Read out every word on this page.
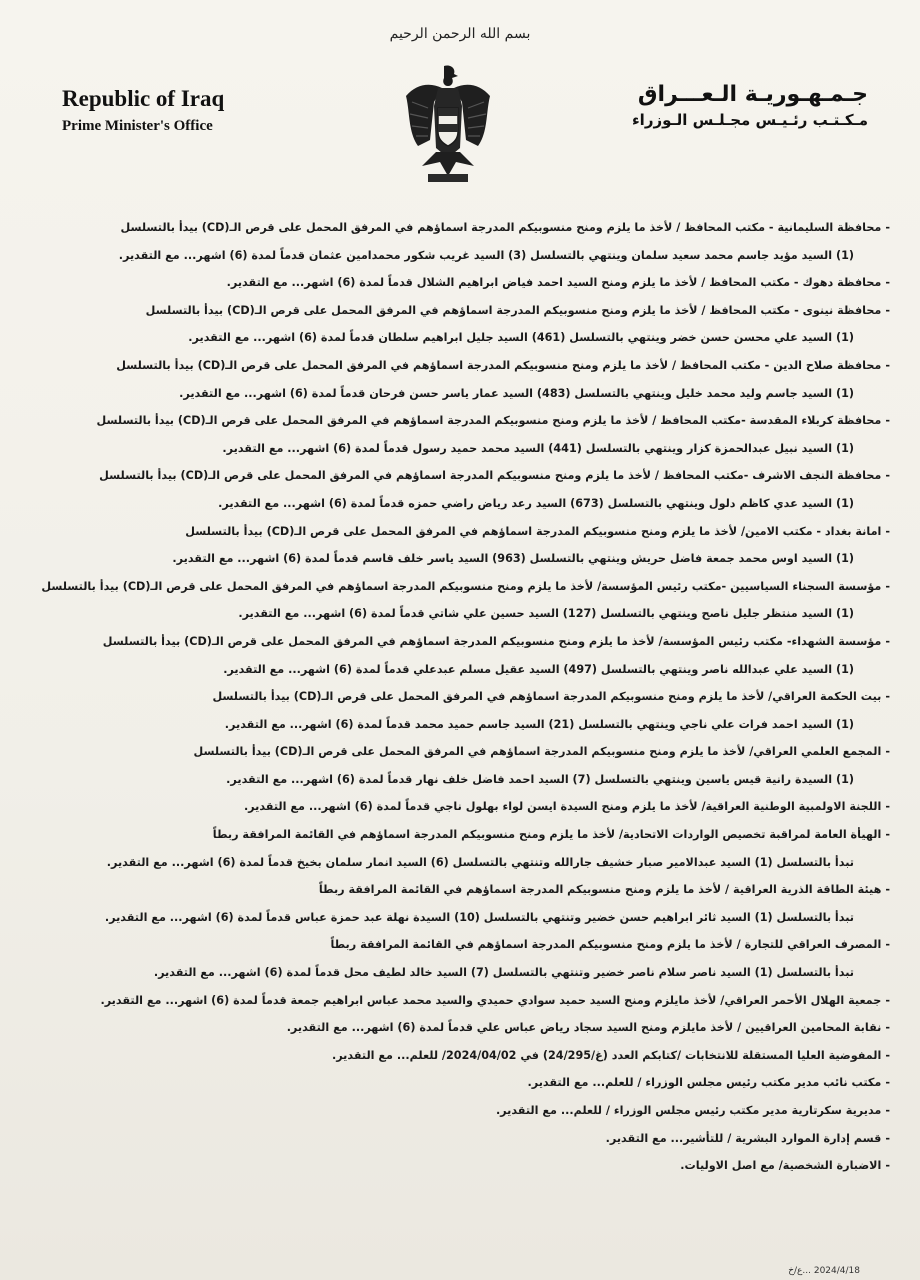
بسم الله الرحمن الرحيم
Republic of Iraq
Prime Minister's Office
جـمـهـوريـة الـعـــراق
مـكـتـب رئـيـس مجـلـس الـوزراء
-محافظة السليمانية - مكتب المحافظ / لأخذ ما يلزم ومنح منسوبيكم المدرجة اسماؤهم في المرفق المحمل على قرص الـ(CD) بيدأ بالتسلسل
(1) السيد مؤيد جاسم محمد سعيد سلمان وينتهي بالتسلسل (3) السيد غريب شكور محمدامين عثمان قدماً لمدة (6) اشهر... مع التقدير.
-محافظة دهوك - مكتب المحافظ / لأخذ ما يلزم ومنح السيد احمد فياض ابراهيم الشلال قدماً لمدة (6) اشهر... مع التقدير.
-محافظة نينوى - مكتب المحافظ / لأخذ ما يلزم ومنح منسوبيكم المدرجة اسماؤهم في المرفق المحمل على قرص الـ(CD) بيدأ بالتسلسل
(1) السيد علي محسن حسن خضر وينتهي بالتسلسل (461) السيد جليل ابراهيم سلطان قدماً لمدة (6) اشهر... مع التقدير.
-محافظة صلاح الدين - مكتب المحافظ / لأخذ ما يلزم ومنح منسوبيكم المدرجة اسماؤهم في المرفق المحمل على قرص الـ(CD) بيدأ بالتسلسل
(1) السيد جاسم وليد محمد خليل وينتهي بالتسلسل (483) السيد عمار ياسر حسن فرحان قدماً لمدة (6) اشهر... مع التقدير.
-محافظة كربلاء المقدسة -مكتب المحافظ / لأخذ ما يلزم ومنح منسوبيكم المدرجة اسماؤهم في المرفق المحمل على قرص الـ(CD) بيدأ بالتسلسل
(1) السيد نبيل عبدالحمزة كزار وينتهي بالتسلسل (441) السيد محمد حميد رسول قدماً لمدة (6) اشهر... مع التقدير.
-محافظة النجف الاشرف -مكتب المحافظ / لأخذ ما يلزم ومنح منسوبيكم المدرجة اسماؤهم في المرفق المحمل على قرص الـ(CD) بيدأ بالتسلسل
(1) السيد عدي كاظم دلول وينتهي بالتسلسل (673) السيد رعد رياض راضي حمزه قدماً لمدة (6) اشهر... مع التقدير.
-امانة بغداد - مكتب الامين/ لأخذ ما يلزم ومنح منسوبيكم المدرجة اسماؤهم في المرفق المحمل على قرص الـ(CD) بيدأ بالتسلسل
(1) السيد اوس محمد جمعة فاضل حريش وينتهي بالتسلسل (963) السيد ياسر خلف قاسم قدماً لمدة (6) اشهر... مع التقدير.
-مؤسسة السجناء السياسيين -مكتب رئيس المؤسسة/ لأخذ ما يلزم ومنح منسوبيكم المدرجة اسماؤهم في المرفق المحمل على قرص الـ(CD) بيدأ بالتسلسل
(1) السيد منتظر جليل ناصح وينتهي بالتسلسل (127) السيد حسين علي شاتي قدماً لمدة (6) اشهر... مع التقدير.
-مؤسسة الشهداء- مكتب رئيس المؤسسة/ لأخذ ما يلزم ومنح منسوبيكم المدرجة اسماؤهم في المرفق المحمل على قرص الـ(CD) بيدأ بالتسلسل
(1) السيد علي عبدالله ناصر وينتهي بالتسلسل (497) السيد عقيل مسلم عبدعلي قدماً لمدة (6) اشهر... مع التقدير.
-بيت الحكمة العراقي/ لأخذ ما يلزم ومنح منسوبيكم المدرجة اسماؤهم في المرفق المحمل على قرص الـ(CD) بيدأ بالتسلسل
(1) السيد احمد فرات علي ناجي وينتهي بالتسلسل (21) السيد جاسم حميد محمد قدماً لمدة (6) اشهر... مع التقدير.
-المجمع العلمي العراقي/ لأخذ ما يلزم ومنح منسوبيكم المدرجة اسماؤهم في المرفق المحمل على قرص الـ(CD) بيدأ بالتسلسل
(1) السيدة رانية قيس ياسين وينتهي بالتسلسل (7) السيد احمد فاضل خلف نهار قدماً لمدة (6) اشهر... مع التقدير.
-اللجنة الاولمبية الوطنية العراقية/ لأخذ ما يلزم ومنح السيدة ايسن لواء بهلول ناجي قدماً لمدة (6) اشهر... مع التقدير.
-الهيأة العامة لمراقبة تخصيص الواردات الاتحادية/ لأخذ ما يلزم ومنح منسوبيكم المدرجة اسماؤهم في القائمة المرافقة ربطاً
تبدأ بالتسلسل (1) السيد عبدالامير صبار خشيف جارالله وتنتهي بالتسلسل (6) السيد انمار سلمان بخيخ قدماً لمدة (6) اشهر... مع التقدير.
-هيئة الطاقة الذرية العراقية / لأخذ ما يلزم ومنح منسوبيكم المدرجة اسماؤهم في القائمة المرافقة ربطاً
تبدأ بالتسلسل (1) السيد ثائر ابراهيم حسن خضير وتنتهي بالتسلسل (10) السيدة نهلة عبد حمزة عباس قدماً لمدة (6) اشهر... مع التقدير.
-المصرف العراقي للتجارة / لأخذ ما يلزم ومنح منسوبيكم المدرجة اسماؤهم في القائمة المرافقة ربطاً
تبدأ بالتسلسل (1) السيد ناصر سلام ناصر خضير وتنتهي بالتسلسل (7) السيد خالد لطيف محل قدماً لمدة (6) اشهر... مع التقدير.
-جمعية الهلال الأحمر العراقي/ لأخذ مايلزم ومنح السيد حميد سوادي حميدي والسيد محمد عباس ابراهيم جمعة قدماً لمدة (6) اشهر... مع التقدير.
-نقابة المحامين العراقيين / لأخذ مايلزم ومنح السيد سجاد رياض عباس علي قدماً لمدة (6) اشهر... مع التقدير.
-المفوضية العليا المستقلة للانتخابات /كتابكم العدد (غ/24/295) في 2024/04/02/ للعلم... مع التقدير.
-مكتب نائب مدير مكتب رئيس مجلس الوزراء / للعلم... مع التقدير.
-مديرية سكرتارية مدير مكتب رئيس مجلس الوزراء / للعلم... مع التقدير.
-قسم إدارة الموارد البشرية / للتأشير... مع التقدير.
-الاضبارة الشخصية/ مع اصل الاوليات.
2024/4/18 ...ع/خ
